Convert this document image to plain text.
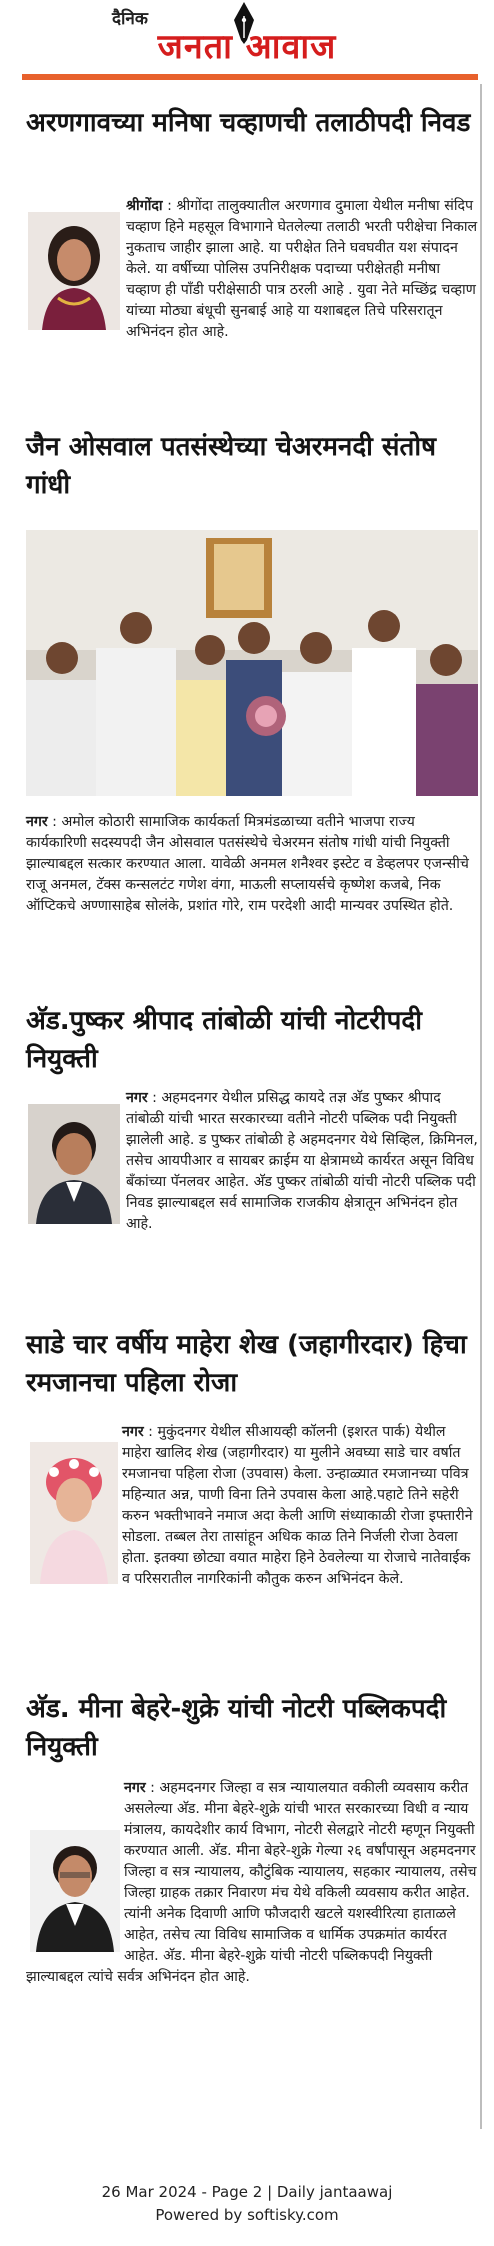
दैनिक
जनता आवाज
अरणगावच्या मनिषा चव्हाणची तलाठीपदी निवड

श्रीगोंदा : श्रीगोंदा तालुक्यातील अरणगाव दुमाला येथील मनीषा संदिप चव्हाण हिने महसूल विभागाने घेतलेल्या तलाठी भरती परीक्षेचा निकाल नुकताच जाहीर झाला आहे. या परीक्षेत तिने घवघवीत यश संपादन केले. या वर्षीच्या पोलिस उपनिरीक्षक पदाच्या परीक्षेतही मनीषा चव्हाण ही पाँडी परीक्षेसाठी पात्र ठरली आहे . युवा नेते मच्छिंद्र चव्हाण यांच्या मोठ्या बंधूची सुनबाई आहे या यशाबद्दल तिचे परिसरातून अभिनंदन होत आहे.

जैन ओसवाल पतसंस्थेच्या चेअरमनदी संतोष गांधी

नगर : अमोल कोठारी सामाजिक कार्यकर्ता मित्रमंडळाच्या वतीने भाजपा राज्य कार्यकारिणी सदस्यपदी जैन ओसवाल पतसंस्थेचे चेअरमन संतोष गांधी यांची नियुक्ती झाल्याबद्दल सत्कार करण्यात आला. यावेळी अनमल शनैश्वर इस्टेट व डेव्हलपर एजन्सीचे राजू अनमल, टॅक्स कन्सलटंट गणेश वंगा, माऊली सप्लायर्सचे कृष्णेश कजबे, निक ऑप्टिकचे अण्णासाहेब सोलंके, प्रशांत गोरे, राम परदेशी आदी मान्यवर उपस्थित होते.

अ‍ॅड.पुष्कर श्रीपाद तांबोळी यांची नोटरीपदी नियुक्ती

नगर : अहमदनगर येथील प्रसिद्ध कायदे तज्ञ अ‍ॅड पुष्कर श्रीपाद तांबोळी यांची भारत सरकारच्या वतीने नोटरी पब्लिक पदी नियुक्ती झालेली आहे. ड पुष्कर तांबोळी हे अहमदनगर येथे सिव्हिल, क्रिमिनल, तसेच आयपीआर व सायबर क्राईम या क्षेत्रामध्ये कार्यरत असून विविध बँकांच्या पॅनलवर आहेत. अ‍ॅड पुष्कर तांबोळी यांची नोटरी पब्लिक पदी निवड झाल्याबद्दल सर्व सामाजिक राजकीय क्षेत्रातून अभिनंदन होत आहे.

साडे चार वर्षीय माहेरा शेख (जहागीरदार) हिचा रमजानचा पहिला रोजा

नगर : मुकुंदनगर येथील सीआयव्ही कॉलनी (इशरत पार्क) येथील माहेरा खालिद शेख (जहागीरदार) या मुलीने अवघ्या साडे चार वर्षात रमजानचा पहिला रोजा (उपवास) केला. उन्हाळ्यात रमजानच्या पवित्र महिन्यात अन्न, पाणी विना तिने उपवास केला आहे.पहाटे तिने सहेरी करुन भक्तीभावने नमाज अदा केली आणि संध्याकाळी रोजा इफ्तारीने सोडला. तब्बल तेरा तासांहून अधिक काळ तिने निर्जली रोजा ठेवला होता. इतक्या छोट्या वयात माहेरा हिने ठेवलेल्या या रोजाचे नातेवाईक व परिसरातील नागरिकांनी कौतुक करुन अभिनंदन केले.

अ‍ॅड. मीना बेहरे-शुक्रे यांची नोटरी पब्लिकपदी नियुक्ती

नगर : अहमदनगर जिल्हा व सत्र न्यायालयात वकीली व्यवसाय करीत असलेल्या अ‍ॅड. मीना बेहरे-शुक्रे यांची भारत सरकारच्या विधी व न्याय मंत्रालय, कायदेशीर कार्य विभाग, नोटरी सेलद्वारे नोटरी म्हणून नियुक्ती करण्यात आली. अ‍ॅड. मीना बेहरे-शुक्रे गेल्या २६ वर्षांपासून अहमदनगर जिल्हा व सत्र न्यायालय, कौटुंबिक न्यायालय, सहकार न्यायालय, तसेच जिल्हा ग्राहक तक्रार निवारण मंच येथे वकिली व्यवसाय करीत आहेत. त्यांनी अनेक दिवाणी आणि फौजदारी खटले यशस्वीरित्या हाताळले आहेत, तसेच त्या विविध सामाजिक व धार्मिक उपक्रमांत कार्यरत आहेत. अ‍ॅड. मीना बेहरे-शुक्रे यांची नोटरी पब्लिकपदी नियुक्ती झाल्याबद्दल त्यांचे सर्वत्र अभिनंदन होत आहे.

26 Mar 2024 - Page 2 | Daily jantaawaj
Powered by softisky.com
